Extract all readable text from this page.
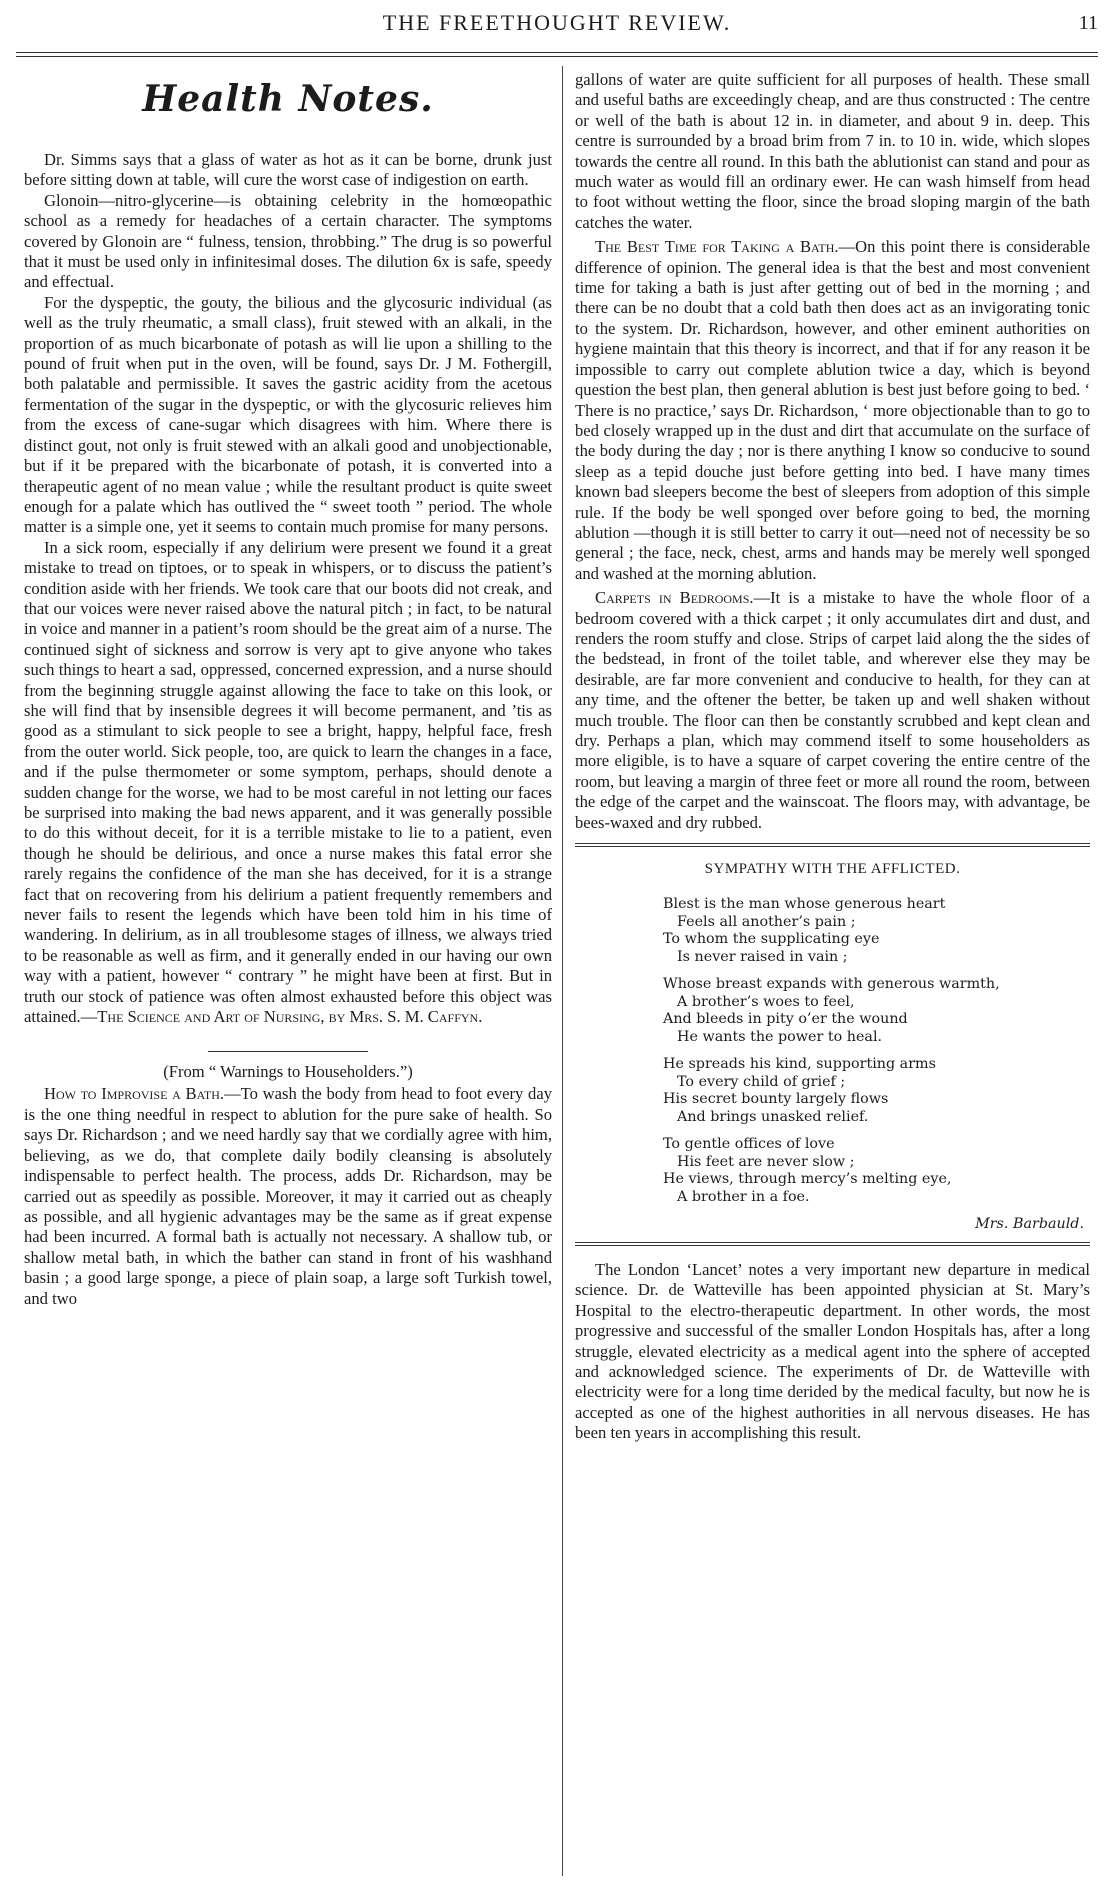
THE FREETHOUGHT REVIEW.	11
Health Notes.

Dr. Simms says that a glass of water as hot as it can be borne, drunk just before sitting down at table, will cure the worst case of indigestion on earth.

Glonoin—nitro-glycerine—is obtaining celebrity in the homœopathic school as a remedy for headaches of a certain character. The symptoms covered by Glonoin are “ fulness, tension, throbbing.” The drug is so powerful that it must be used only in infinitesimal doses. The dilution 6x is safe, speedy and effectual.

For the dyspeptic, the gouty, the bilious and the glycosuric individual (as well as the truly rheumatic, a small class), fruit stewed with an alkali, in the proportion of as much bicarbonate of potash as will lie upon a shilling to the pound of fruit when put in the oven, will be found, says Dr. J M. Fothergill, both palatable and permissible. It saves the gastric acidity from the acetous fermentation of the sugar in the dyspeptic, or with the glycosuric relieves him from the excess of cane-sugar which disagrees with him. Where there is distinct gout, not only is fruit stewed with an alkali good and unobjectionable, but if it be prepared with the bicarbonate of potash, it is converted into a therapeutic agent of no mean value ; while the resultant product is quite sweet enough for a palate which has outlived the “ sweet tooth ” period. The whole matter is a simple one, yet it seems to contain much promise for many persons.

In a sick room, especially if any delirium were present we found it a great mistake to tread on tiptoes, or to speak in whispers, or to discuss the patient’s condition aside with her friends. We took care that our boots did not creak, and that our voices were never raised above the natural pitch ; in fact, to be natural in voice and manner in a patient’s room should be the great aim of a nurse. The continued sight of sickness and sorrow is very apt to give anyone who takes such things to heart a sad, oppressed, concerned expression, and a nurse should from the beginning struggle against allowing the face to take on this look, or she will find that by insensible degrees it will become permanent, and ’tis as good as a stimulant to sick people to see a bright, happy, helpful face, fresh from the outer world. Sick people, too, are quick to learn the changes in a face, and if the pulse thermometer or some symptom, perhaps, should denote a sudden change for the worse, we had to be most careful in not letting our faces be surprised into making the bad news apparent, and it was generally possible to do this without deceit, for it is a terrible mistake to lie to a patient, even though he should be delirious, and once a nurse makes this fatal error she rarely regains the confidence of the man she has deceived, for it is a strange fact that on recovering from his delirium a patient frequently remembers and never fails to resent the legends which have been told him in his time of wandering. In delirium, as in all troublesome stages of illness, we always tried to be reasonable as well as firm, and it generally ended in our having our own way with a patient, however “ contrary ” he might have been at first. But in truth our stock of patience was often almost exhausted before this object was attained.—The Science and Art of Nursing, by Mrs. S. M. Caffyn.

(From “ Warnings to Householders.”)

How to Improvise a Bath.—To wash the body from head to foot every day is the one thing needful in respect to ablution for the pure sake of health. So says Dr. Richardson ; and we need hardly say that we cordially agree with him, believing, as we do, that complete daily bodily cleansing is absolutely indispensable to perfect health. The process, adds Dr. Richardson, may be carried out as speedily as possible. Moreover, it may it carried out as cheaply as possible, and all hygienic advantages may be the same as if great expense had been incurred. A formal bath is actually not necessary. A shallow tub, or shallow metal bath, in which the bather can stand in front of his washhand basin ; a good large sponge, a piece of plain soap, a large soft Turkish towel, and two

gallons of water are quite sufficient for all purposes of health. These small and useful baths are exceedingly cheap, and are thus constructed : The centre or well of the bath is about 12 in. in diameter, and about 9 in. deep. This centre is surrounded by a broad brim from 7 in. to 10 in. wide, which slopes towards the centre all round. In this bath the ablutionist can stand and pour as much water as would fill an ordinary ewer. He can wash himself from head to foot without wetting the floor, since the broad sloping margin of the bath catches the water.

The Best Time for Taking a Bath.—On this point there is considerable difference of opinion. The general idea is that the best and most convenient time for taking a bath is just after getting out of bed in the morning ; and there can be no doubt that a cold bath then does act as an invigorating tonic to the system. Dr. Richardson, however, and other eminent authorities on hygiene maintain that this theory is incorrect, and that if for any reason it be impossible to carry out complete ablution twice a day, which is beyond question the best plan, then general ablution is best just before going to bed. ‘ There is no practice,’ says Dr. Richardson, ‘ more objectionable than to go to bed closely wrapped up in the dust and dirt that accumulate on the surface of the body during the day ; nor is there anything I know so conducive to sound sleep as a tepid douche just before getting into bed. I have many times known bad sleepers become the best of sleepers from adoption of this simple rule. If the body be well sponged over before going to bed, the morning ablution —though it is still better to carry it out—need not of necessity be so general ; the face, neck, chest, arms and hands may be merely well sponged and washed at the morning ablution.

Carpets in Bedrooms.—It is a mistake to have the whole floor of a bedroom covered with a thick carpet ; it only accumulates dirt and dust, and renders the room stuffy and close. Strips of carpet laid along the the sides of the bedstead, in front of the toilet table, and wherever else they may be desirable, are far more convenient and conducive to health, for they can at any time, and the oftener the better, be taken up and well shaken without much trouble. The floor can then be constantly scrubbed and kept clean and dry. Perhaps a plan, which may commend itself to some householders as more eligible, is to have a square of carpet covering the entire centre of the room, but leaving a margin of three feet or more all round the room, between the edge of the carpet and the wainscoat. The floors may, with advantage, be bees-waxed and dry rubbed.

SYMPATHY WITH THE AFFLICTED.
Blest is the man whose generous heart
Feels all another’s pain ;
To whom the supplicating eye
Is never raised in vain ;
Whose breast expands with generous warmth,
A brother’s woes to feel,
And bleeds in pity o’er the wound
He wants the power to heal.
He spreads his kind, supporting arms
To every child of grief ;
His secret bounty largely flows
And brings unasked relief.
To gentle offices of love
His feet are never slow ;
He views, through mercy’s melting eye,
A brother in a foe.
Mrs. Barbauld.

The London ‘Lancet’ notes a very important new departure in medical science. Dr. de Watteville has been appointed physician at St. Mary’s Hospital to the electro-therapeutic department. In other words, the most progressive and successful of the smaller London Hospitals has, after a long struggle, elevated electricity as a medical agent into the sphere of accepted and acknowledged science. The experiments of Dr. de Watteville with electricity were for a long time derided by the medical faculty, but now he is accepted as one of the highest authorities in all nervous diseases. He has been ten years in accomplishing this result.
